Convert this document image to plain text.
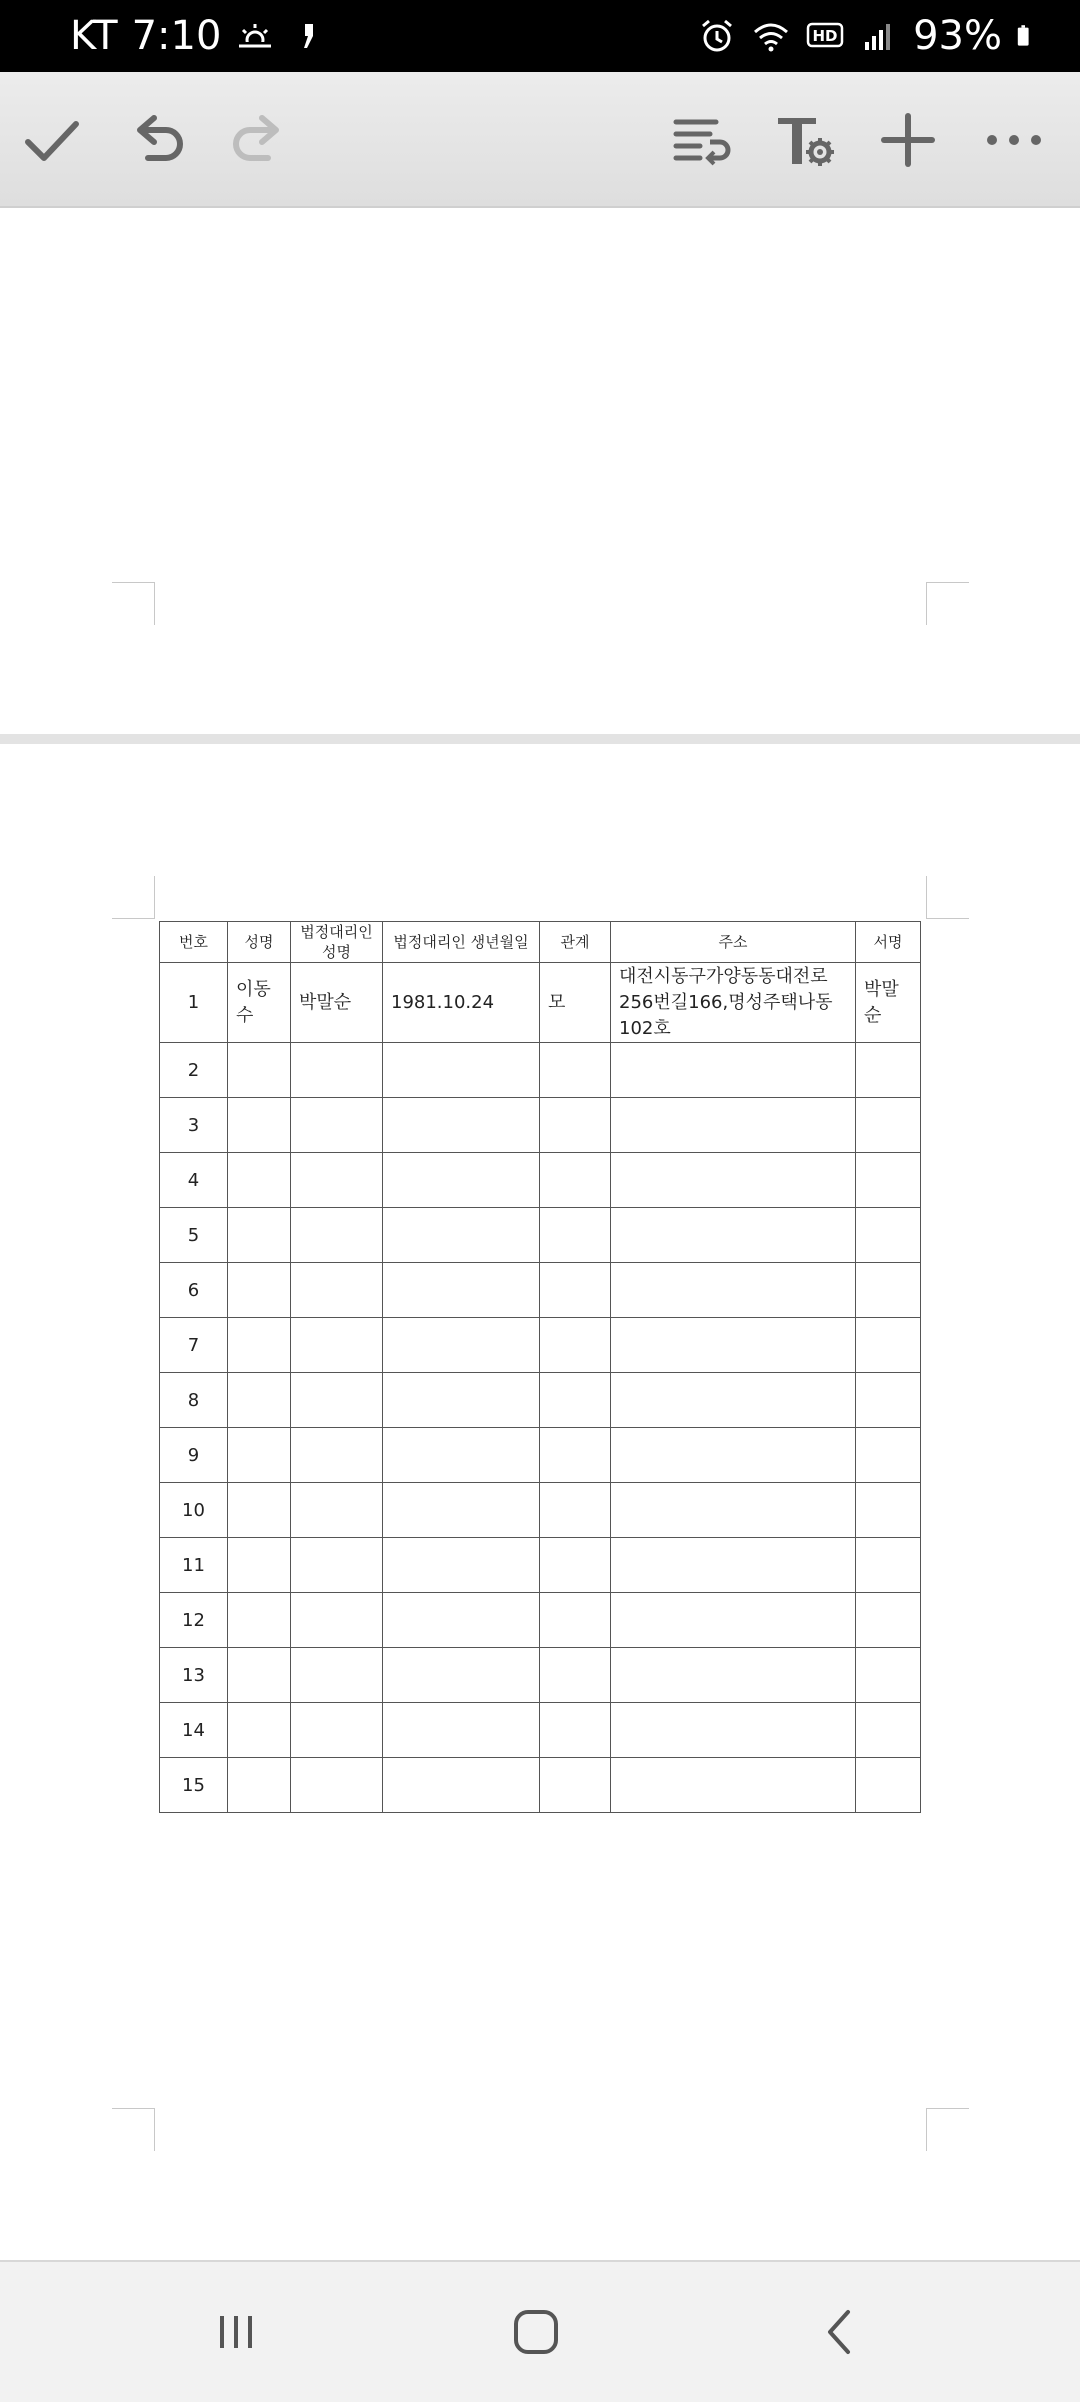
KT 7:10	HD 93%
번호	성명	법정대리인 성명	법정대리인 생년월일	관계	주소	서명
1	이동수	박말순	1981.10.24	모	대전시동구가양동동대전로256번길166,명성주택나동102호	박말순
2						
3						
4						
5						
6						
7						
8						
9						
10						
11						
12						
13						
14						
15						
